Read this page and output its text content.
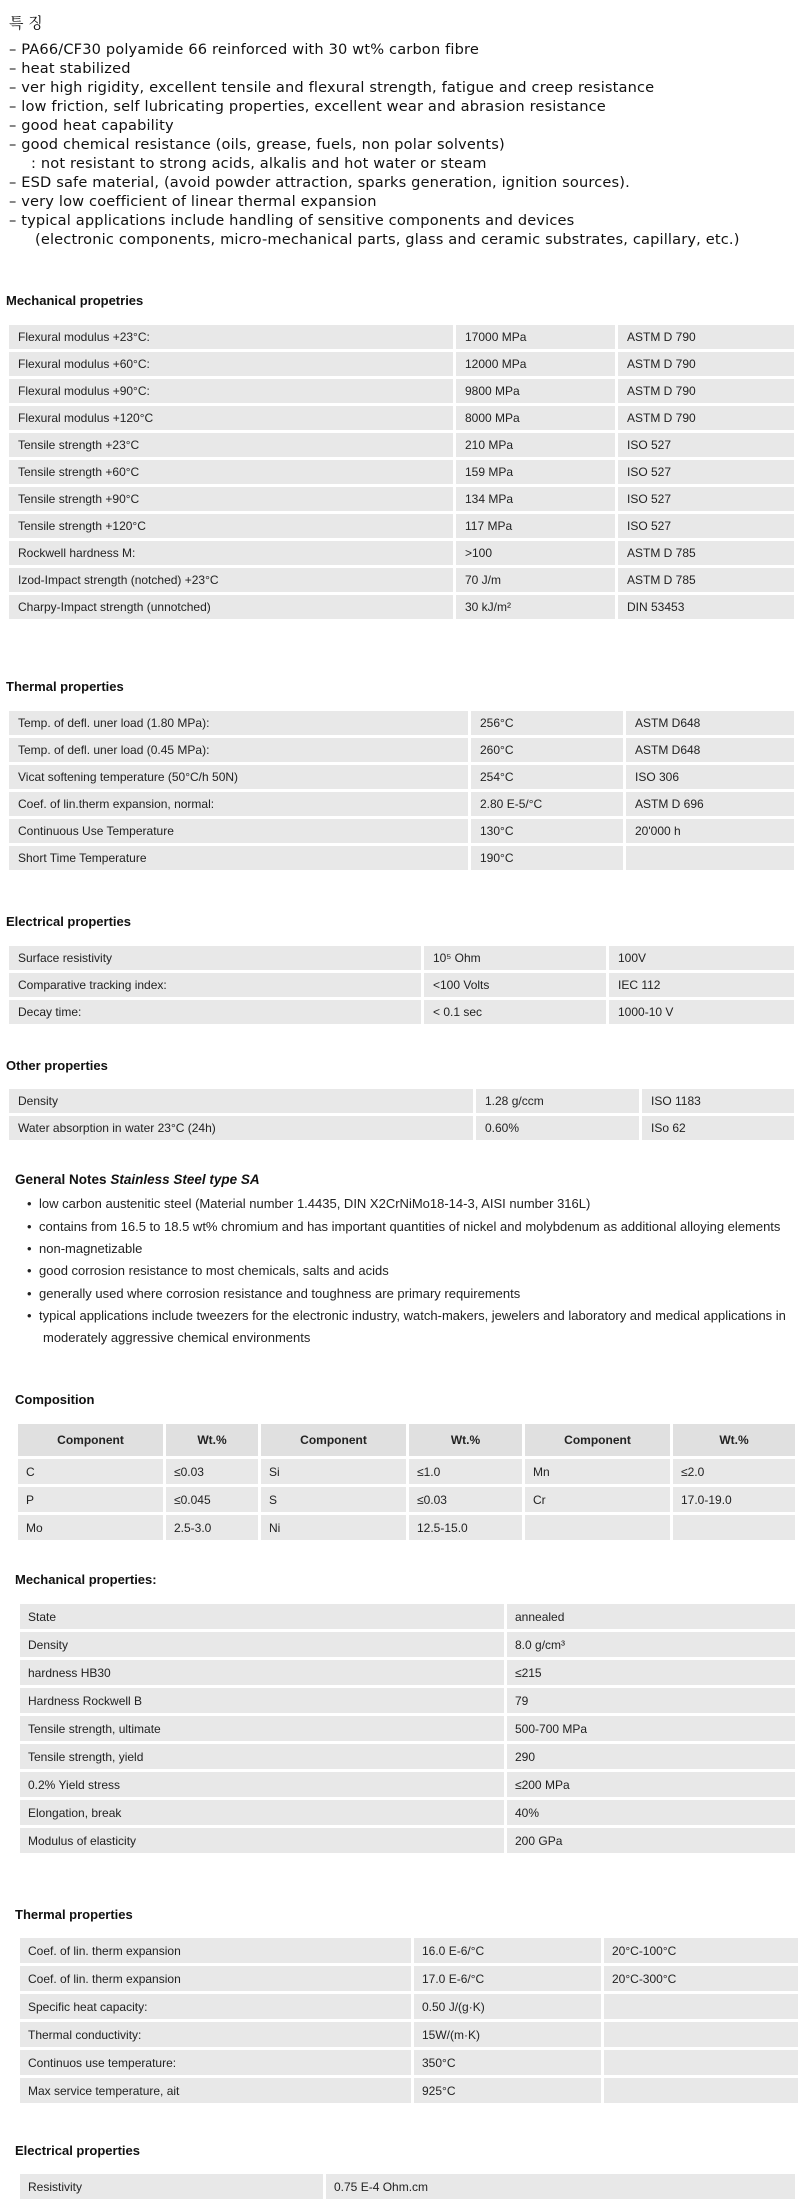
특 징
– PA66/CF30 polyamide 66 reinforced with 30 wt% carbon fibre
– heat stabilized
– ver high rigidity, excellent tensile and flexural strength, fatigue and creep resistance
– low friction, self lubricating properties, excellent wear and abrasion resistance
– good heat capability
– good chemical resistance (oils, grease, fuels, non polar solvents)
: not resistant to strong acids, alkalis and hot water or steam
– ESD safe material, (avoid powder attraction, sparks generation, ignition sources).
– very low coefficient of linear thermal expansion
– typical applications include handling of sensitive components and devices
(electronic components, micro-mechanical parts, glass and ceramic substrates, capillary, etc.)
Mechanical propetries
Flexural modulus +23°C:	17000 MPa	ASTM D 790
Flexural modulus +60°C:	12000 MPa	ASTM D 790
Flexural modulus +90°C:	9800 MPa	ASTM D 790
Flexural modulus +120°C	8000 MPa	ASTM D 790
Tensile strength +23°C	210 MPa	ISO 527
Tensile strength +60°C	159 MPa	ISO 527
Tensile strength +90°C	134 MPa	ISO 527
Tensile strength +120°C	117 MPa	ISO 527
Rockwell hardness M:	>100	ASTM D 785
Izod-Impact strength (notched) +23°C	70 J/m	ASTM D 785
Charpy-Impact strength (unnotched)	30 kJ/m²	DIN 53453
Thermal properties
Temp. of defl. uner load (1.80 MPa):	256°C	ASTM D648
Temp. of defl. uner load (0.45 MPa):	260°C	ASTM D648
Vicat softening temperature (50°C/h 50N)	254°C	ISO 306
Coef. of lin.therm expansion, normal:	2.80 E-5/°C	ASTM D 696
Continuous Use Temperature	130°C	20'000 h
Short Time Temperature	190°C	
Electrical properties
Surface resistivity	10⁵ Ohm	100V
Comparative tracking index:	<100 Volts	IEC 112
Decay time:	< 0.1 sec	1000-10 V
Other properties
Density	1.28 g/ccm	ISO 1183
Water absorption in water 23°C (24h)	0.60%	ISo 62
General Notes Stainless Steel type SA
• low carbon austenitic steel (Material number 1.4435, DIN X2CrNiMo18-14-3, AISI number 316L)
• contains from 16.5 to 18.5 wt% chromium and has important quantities of nickel and molybdenum as additional alloying elements
• non-magnetizable
• good corrosion resistance to most chemicals, salts and acids
• generally used where corrosion resistance and toughness are primary requirements
• typical applications include tweezers for the electronic industry, watch-makers, jewelers and laboratory and medical applications in moderately aggressive chemical environments
Composition
Component	Wt.%	Component	Wt.%	Component	Wt.%
C	≤0.03	Si	≤1.0	Mn	≤2.0
P	≤0.045	S	≤0.03	Cr	17.0-19.0
Mo	2.5-3.0	Ni	12.5-15.0		
Mechanical properties:
State	annealed
Density	8.0 g/cm³
hardness HB30	≤215
Hardness Rockwell B	79
Tensile strength, ultimate	500-700 MPa
Tensile strength, yield	290
0.2% Yield stress	≤200 MPa
Elongation, break	40%
Modulus of elasticity	200 GPa
Thermal properties
Coef. of lin. therm expansion	16.0 E-6/°C	20°C-100°C
Coef. of lin. therm expansion	17.0 E-6/°C	20°C-300°C
Specific heat capacity:	0.50 J/(g·K)	
Thermal conductivity:	15W/(m·K)	
Continuos use temperature:	350°C	
Max service temperature, ait	925°C	
Electrical properties
Resistivity	0.75 E-4 Ohm.cm
